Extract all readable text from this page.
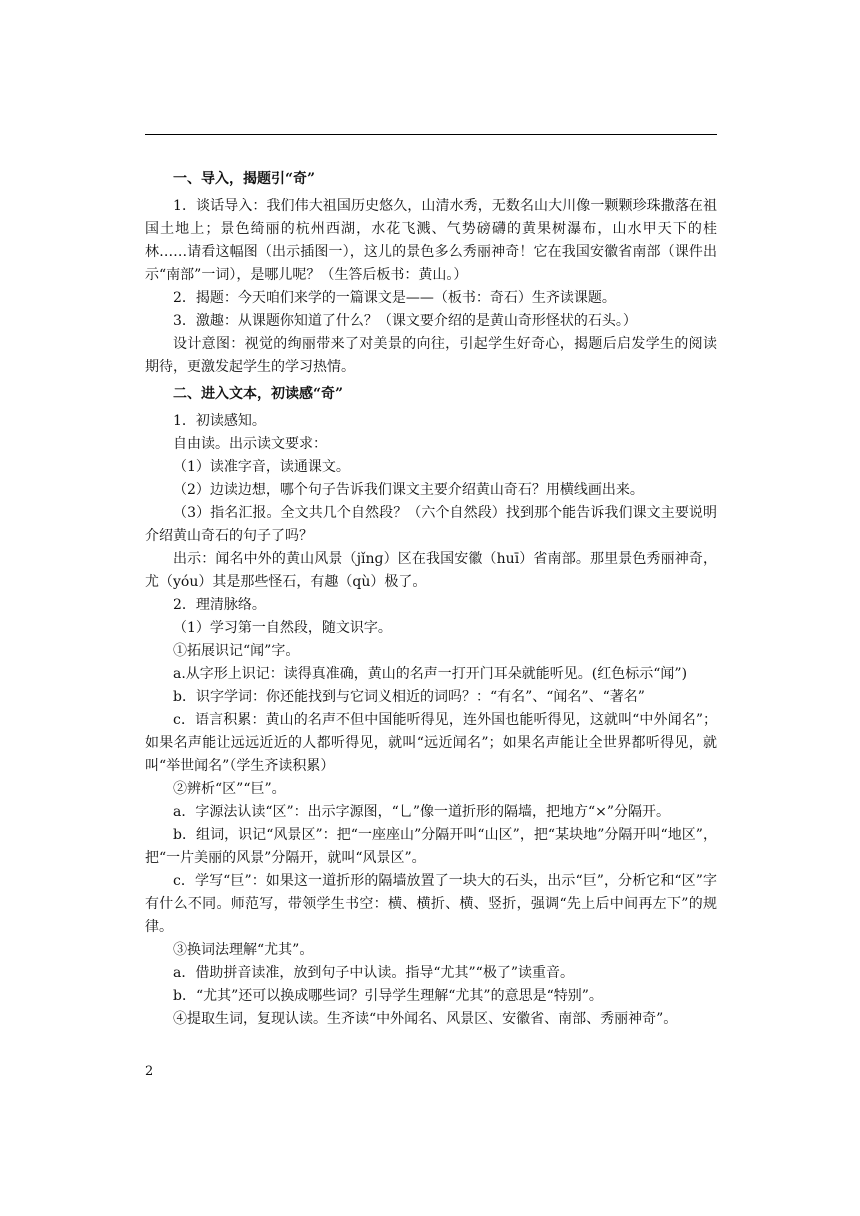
一、导入，揭题引“奇”

1．谈话导入：我们伟大祖国历史悠久，山清水秀，无数名山大川像一颗颗珍珠撒落在祖国土地上；景色绮丽的杭州西湖，水花飞溅、气势磅礴的黄果树瀑布，山水甲天下的桂林……请看这幅图（出示插图一），这儿的景色多么秀丽神奇！它在我国安徽省南部（课件出示“南部”一词），是哪儿呢？（生答后板书：黄山。）

2．揭题：今天咱们来学的一篇课文是——（板书：奇石）生齐读课题。

3．激趣：从课题你知道了什么？（课文要介绍的是黄山奇形怪状的石头。）

设计意图：视觉的绚丽带来了对美景的向往，引起学生好奇心，揭题后启发学生的阅读期待，更激发起学生的学习热情。

二、进入文本，初读感“奇”

1．初读感知。

自由读。出示读文要求：

（1）读准字音，读通课文。

（2）边读边想，哪个句子告诉我们课文主要介绍黄山奇石？用横线画出来。

（3）指名汇报。全文共几个自然段？（六个自然段）找到那个能告诉我们课文主要说明介绍黄山奇石的句子了吗？

出示：闻名中外的黄山风景（jǐnɡ）区在我国安徽（huī）省南部。那里景色秀丽神奇，尤（yóu）其是那些怪石，有趣（qù）极了。

2．理清脉络。

（1）学习第一自然段，随文识字。

①拓展识记“闻”字。

a.从字形上识记：读得真准确，黄山的名声一打开门耳朵就能听见。(红色标示“闻”)

b．识字学词：你还能找到与它词义相近的词吗？：“有名”、“闻名”、“著名”

c．语言积累：黄山的名声不但中国能听得见，连外国也能听得见，这就叫“中外闻名”；如果名声能让远远近近的人都听得见，就叫“远近闻名”；如果名声能让全世界都听得见，就叫“举世闻名”（学生齐读积累）

②辨析“区”“巨”。

a．字源法认读“区”：出示字源图，“乚”像一道折形的隔墙，把地方“×”分隔开。

b．组词，识记“风景区”：把“一座座山”分隔开叫“山区”，把“某块地”分隔开叫“地区”，把“一片美丽的风景”分隔开，就叫“风景区”。

c．学写“巨”：如果这一道折形的隔墙放置了一块大的石头，出示“巨”，分析它和“区”字有什么不同。师范写，带领学生书空：横、横折、横、竖折，强调“先上后中间再左下”的规律。

③换词法理解“尤其”。

a．借助拼音读准，放到句子中认读。指导“尤其”“极了”读重音。

b．“尤其”还可以换成哪些词？引导学生理解“尤其”的意思是“特别”。

④提取生词，复现认读。生齐读“中外闻名、风景区、安徽省、南部、秀丽神奇”。

2
